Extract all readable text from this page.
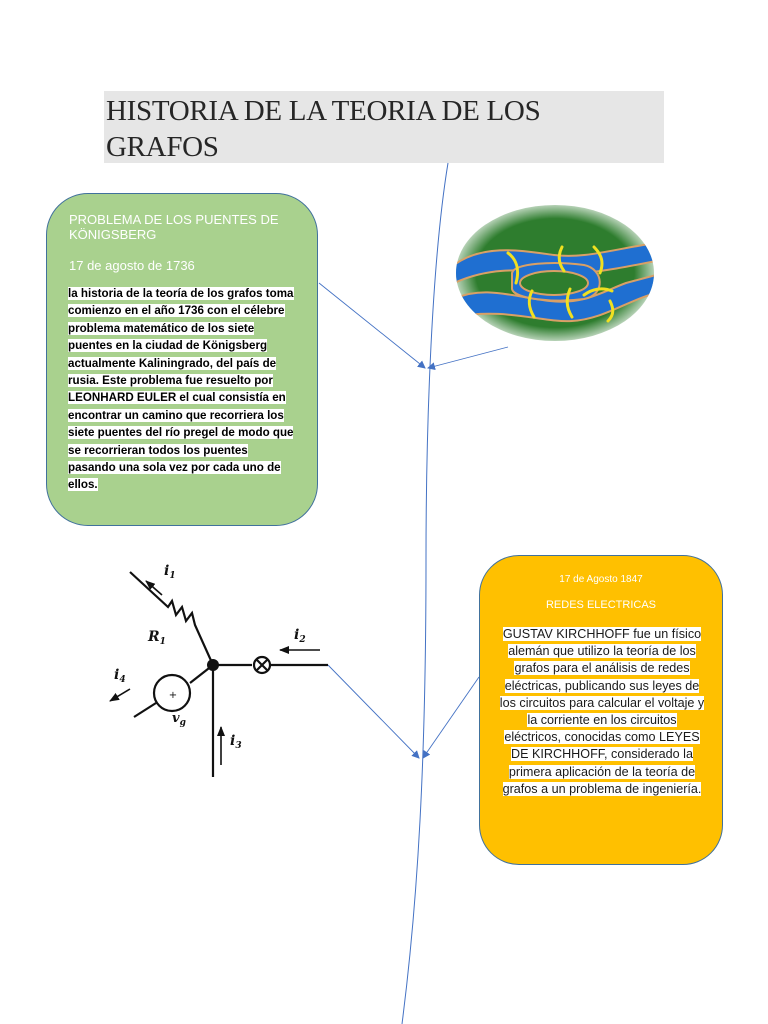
HISTORIA DE LA TEORIA DE LOS GRAFOS
PROBLEMA DE LOS PUENTES DE KÖNIGSBERG
17 de agosto de 1736
la historia de la teoría de los grafos toma comienzo en el año 1736 con el célebre problema matemático de los siete puentes en la ciudad de Königsberg actualmente Kaliningrado, del país de rusia. Este problema fue resuelto por LEONHARD EULER el cual consistía en encontrar un camino que recorriera los siete puentes del río pregel de modo que se recorrieran todos los puentes pasando una sola vez por cada uno de ellos.
+
$i_1$
$R_1$	$i_2$
$i_3$
$i_4$
$v_g$
17 de Agosto 1847
REDES ELECTRICAS
GUSTAV KIRCHHOFF fue un físico alemán que utilizo la teoría de los grafos para el análisis de redes eléctricas, publicando sus leyes de los circuitos para calcular el voltaje y la corriente en los circuitos eléctricos, conocidas como LEYES DE KIRCHHOFF, considerado la primera aplicación de la teoría de grafos a un problema de ingeniería.
